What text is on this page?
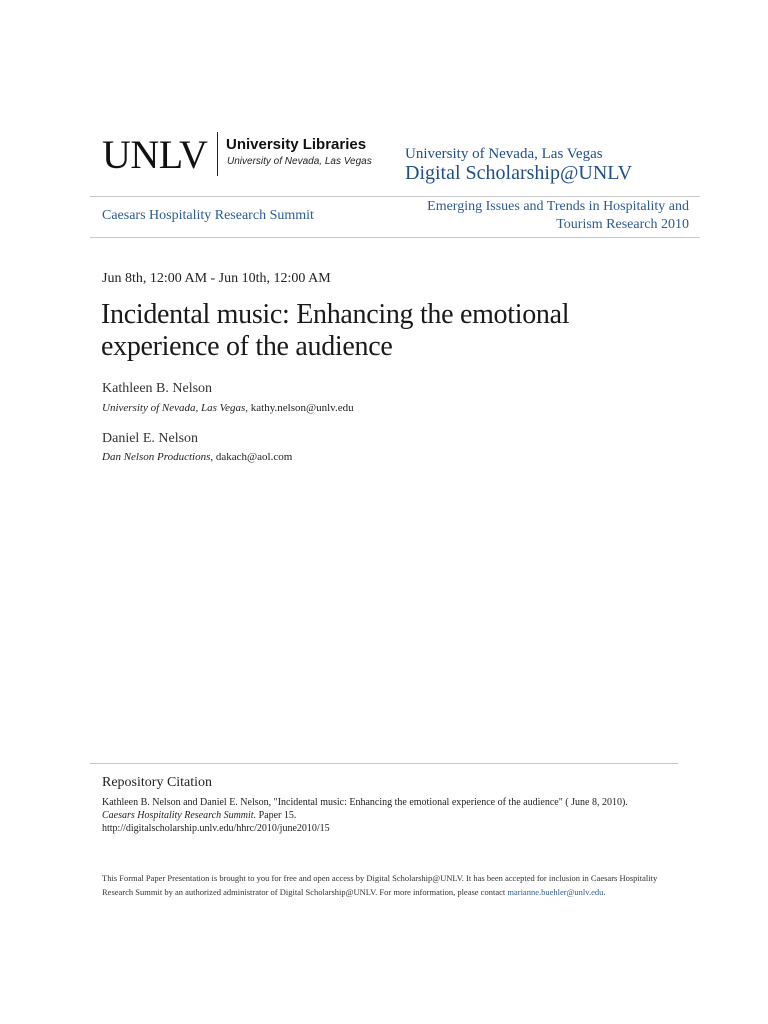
UNLV University Libraries
University of Nevada, Las Vegas University of Nevada, Las Vegas
Digital Scholarship@UNLV
Caesars Hospitality Research Summit
Emerging Issues and Trends in Hospitality and Tourism Research 2010
Jun 8th, 12:00 AM - Jun 10th, 12:00 AM
Incidental music: Enhancing the emotional experience of the audience
Kathleen B. Nelson
University of Nevada, Las Vegas, kathy.nelson@unlv.edu
Daniel E. Nelson
Dan Nelson Productions, dakach@aol.com
Repository Citation
Kathleen B. Nelson and Daniel E. Nelson, "Incidental music: Enhancing the emotional experience of the audience" ( June 8, 2010).
Caesars Hospitality Research Summit. Paper 15.
http://digitalscholarship.unlv.edu/hhrc/2010/june2010/15
This Formal Paper Presentation is brought to you for free and open access by Digital Scholarship@UNLV. It has been accepted for inclusion in Caesars Hospitality Research Summit by an authorized administrator of Digital Scholarship@UNLV. For more information, please contact marianne.buehler@unlv.edu.
